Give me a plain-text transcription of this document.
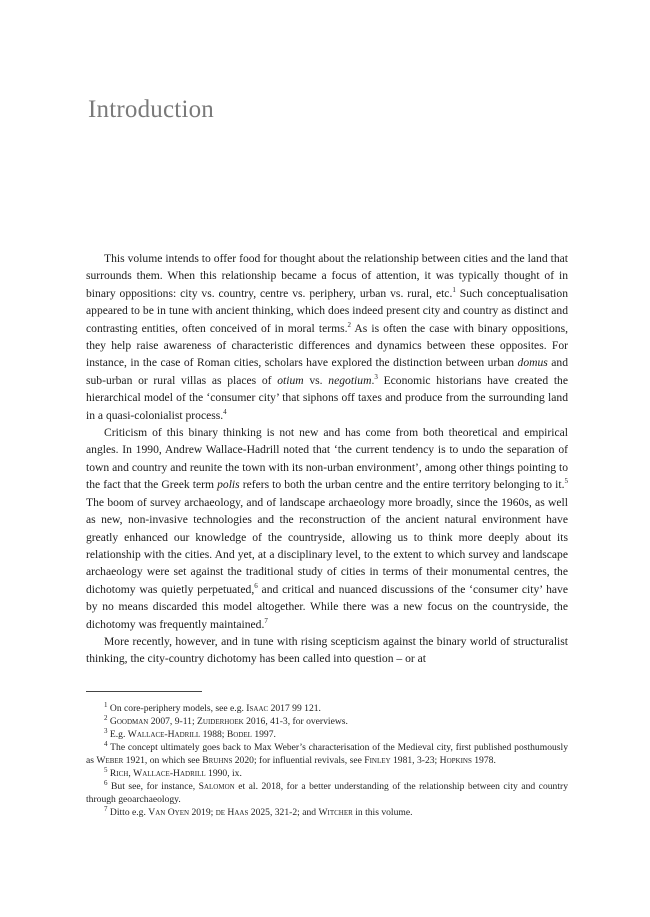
Introduction

This volume intends to offer food for thought about the relationship between cities and the land that surrounds them. When this relationship became a focus of attention, it was typically thought of in binary oppositions: city vs. country, centre vs. periphery, urban vs. rural, etc.$^1$ Such conceptualisation appeared to be in tune with ancient thinking, which does indeed present city and country as distinct and contrasting entities, often conceived of in moral terms.$^2$ As is often the case with binary oppositions, they help raise awareness of characteristic differences and dynamics between these opposites. For instance, in the case of Roman cities, scholars have explored the distinction between urban domus and sub-urban or rural villas as places of otium vs. negotium.$^3$ Economic historians have created the hierarchical model of the ‘consumer city’ that siphons off taxes and produce from the surrounding land in a quasi-colonialist process.$^4$

Criticism of this binary thinking is not new and has come from both theoretical and empirical angles. In 1990, Andrew Wallace-Hadrill noted that ‘the current tendency is to undo the separation of town and country and reunite the town with its non-urban environment’, among other things pointing to the fact that the Greek term polis refers to both the urban centre and the entire territory belonging to it.$^5$ The boom of survey archaeology, and of landscape archaeology more broadly, since the 1960s, as well as new, non-invasive technologies and the reconstruction of the ancient natural environment have greatly enhanced our knowledge of the countryside, allowing us to think more deeply about its relationship with the cities. And yet, at a disciplinary level, to the extent to which survey and landscape archaeology were set against the traditional study of cities in terms of their monumental centres, the dichotomy was quietly perpetuated,$^6$ and critical and nuanced discussions of the ‘consumer city’ have by no means discarded this model altogether. While there was a new focus on the countryside, the dichotomy was frequently maintained.$^7$

More recently, however, and in tune with rising scepticism against the binary world of structuralist thinking, the city-country dichotomy has been called into question – or at

$^1$ On core-periphery models, see e.g. Isaac 2017 99 121.

$^2$ Goodman 2007, 9-11; Zuiderhoek 2016, 41-3, for overviews.

$^3$ E.g. Wallace-Hadrill 1988; Bodel 1997.

$^4$ The concept ultimately goes back to Max Weber’s characterisation of the Medieval city, first published posthumously as Weber 1921, on which see Bruhns 2020; for influential revivals, see Finley 1981, 3-23; Hopkins 1978.

$^5$ Rich, Wallace-Hadrill 1990, ix.

$^6$ But see, for instance, Salomon et al. 2018, for a better understanding of the relationship between city and country through geoarchaeology.

$^7$ Ditto e.g. Van Oyen 2019; de Haas 2025, 321-2; and Witcher in this volume.
